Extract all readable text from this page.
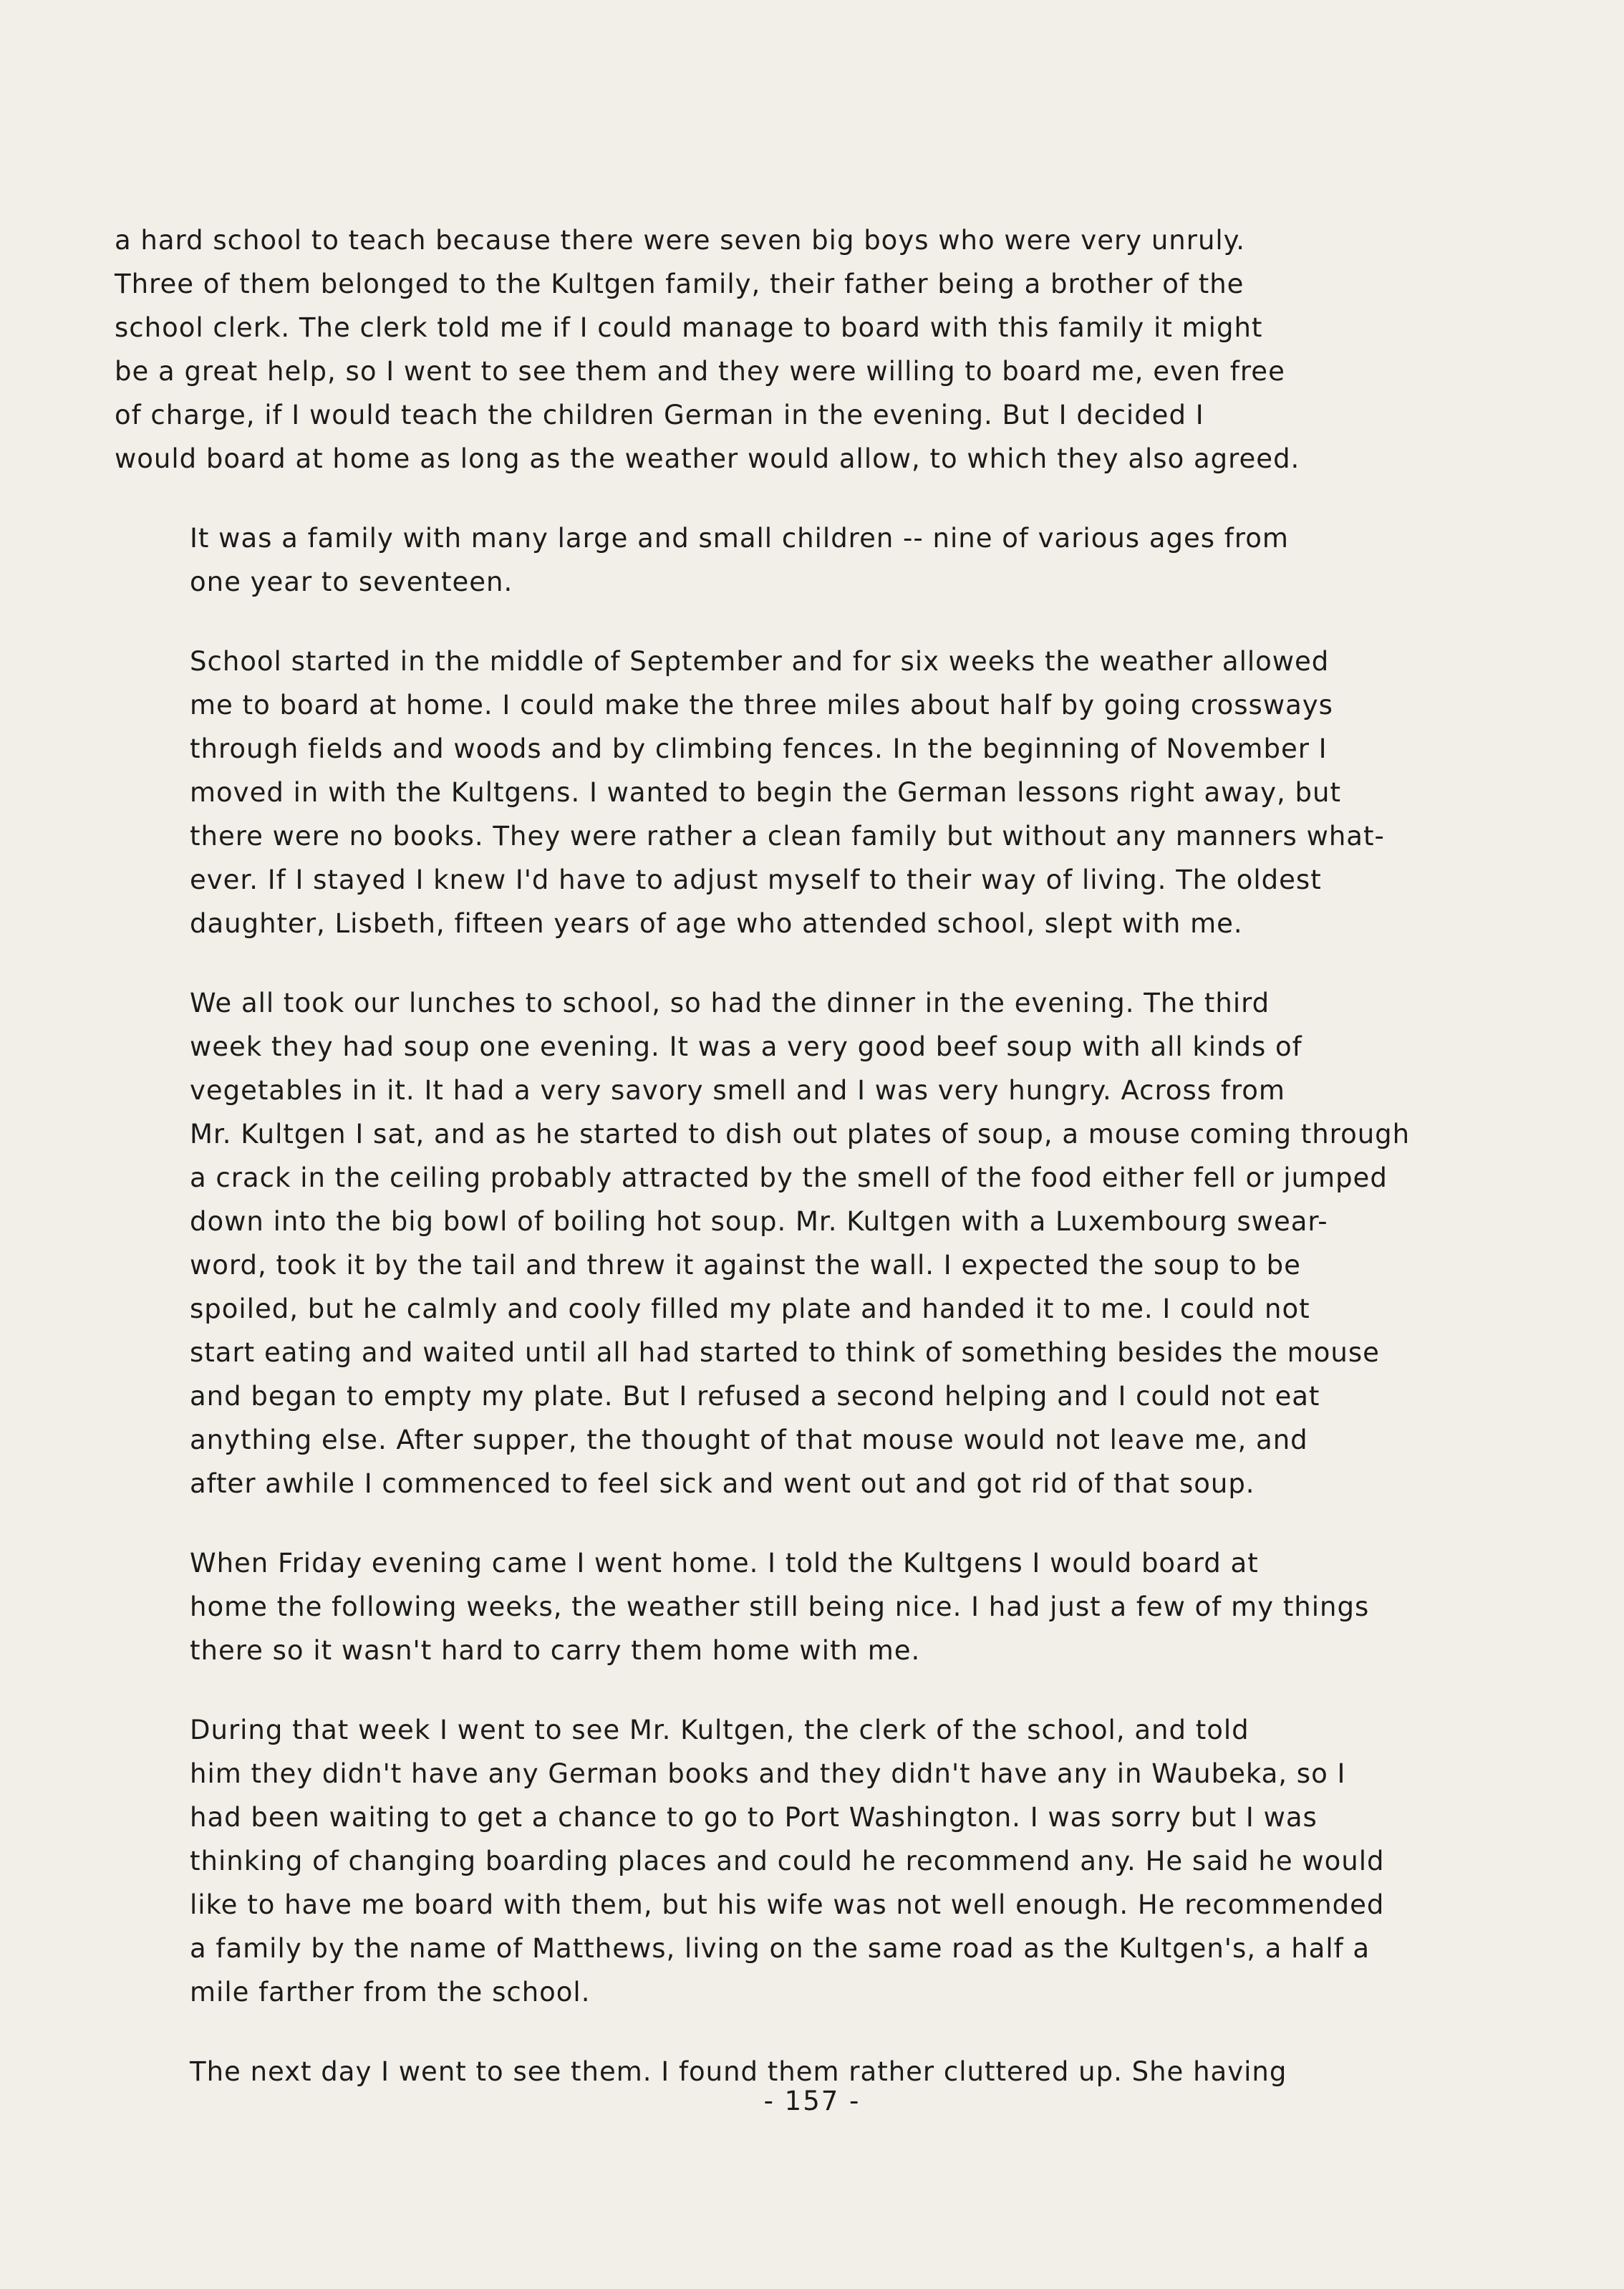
a hard school to teach because there were seven big boys who were very unruly.
Three of them belonged to the Kultgen family, their father being a brother of the
school clerk. The clerk told me if I could manage to board with this family it might
be a great help, so I went to see them and they were willing to board me, even free
of charge, if I would teach the children German in the evening. But I decided I
would board at home as long as the weather would allow, to which they also agreed.

It was a family with many large and small children -- nine of various ages from
one year to seventeen.

School started in the middle of September and for six weeks the weather allowed
me to board at home. I could make the three miles about half by going crossways
through fields and woods and by climbing fences. In the beginning of November I
moved in with the Kultgens. I wanted to begin the German lessons right away, but
there were no books. They were rather a clean family but without any manners what-
ever. If I stayed I knew I'd have to adjust myself to their way of living. The oldest
daughter, Lisbeth, fifteen years of age who attended school, slept with me.

We all took our lunches to school, so had the dinner in the evening. The third
week they had soup one evening. It was a very good beef soup with all kinds of
vegetables in it. It had a very savory smell and I was very hungry. Across from
Mr. Kultgen I sat, and as he started to dish out plates of soup, a mouse coming through
a crack in the ceiling probably attracted by the smell of the food either fell or jumped
down into the big bowl of boiling hot soup. Mr. Kultgen with a Luxembourg swear-
word, took it by the tail and threw it against the wall. I expected the soup to be
spoiled, but he calmly and cooly filled my plate and handed it to me. I could not
start eating and waited until all had started to think of something besides the mouse
and began to empty my plate. But I refused a second helping and I could not eat
anything else. After supper, the thought of that mouse would not leave me, and
after awhile I commenced to feel sick and went out and got rid of that soup.

When Friday evening came I went home. I told the Kultgens I would board at
home the following weeks, the weather still being nice. I had just a few of my things
there so it wasn't hard to carry them home with me.

During that week I went to see Mr. Kultgen, the clerk of the school, and told
him they didn't have any German books and they didn't have any in Waubeka, so I
had been waiting to get a chance to go to Port Washington. I was sorry but I was
thinking of changing boarding places and could he recommend any. He said he would
like to have me board with them, but his wife was not well enough. He recommended
a family by the name of Matthews, living on the same road as the Kultgen's, a half a
mile farther from the school.

The next day I went to see them. I found them rather cluttered up. She having

- 157 -
